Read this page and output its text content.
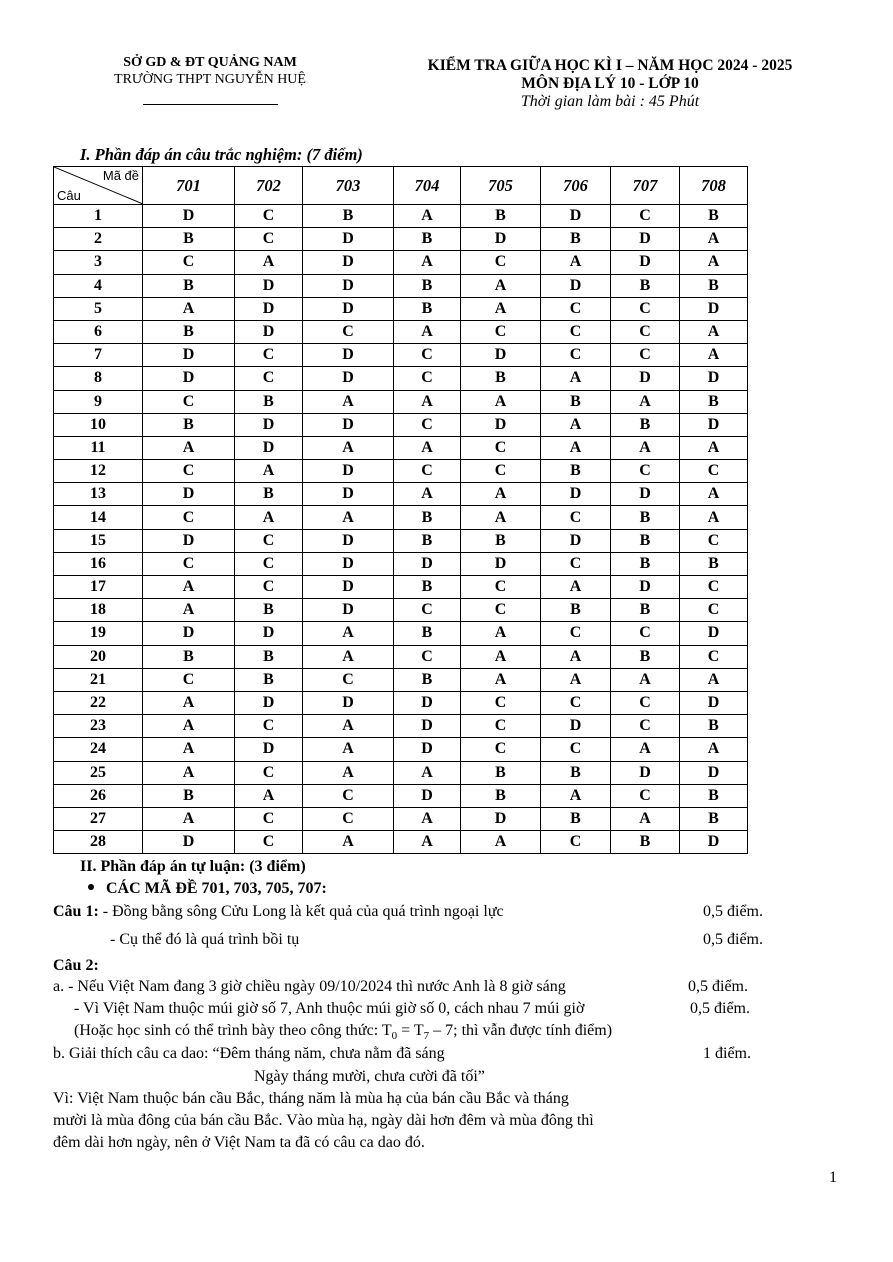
SỞ GD & ĐT QUẢNG NAM
TRƯỜNG THPT NGUYỄN HUỆ
KIỂM TRA GIỮA HỌC KÌ I – NĂM HỌC 2024 - 2025
MÔN ĐỊA LÝ 10 - LỚP 10
Thời gian làm bài : 45 Phút
I. Phần đáp án câu trắc nghiệm: (7 điểm)
Mã đề
Câu	701	702	703	704	705	706	707	708
1	D	C	B	A	B	D	C	B
2	B	C	D	B	D	B	D	A
3	C	A	D	A	C	A	D	A
4	B	D	D	B	A	D	B	B
5	A	D	D	B	A	C	C	D
6	B	D	C	A	C	C	C	A
7	D	C	D	C	D	C	C	A
8	D	C	D	C	B	A	D	D
9	C	B	A	A	A	B	A	B
10	B	D	D	C	D	A	B	D
11	A	D	A	A	C	A	A	A
12	C	A	D	C	C	B	C	C
13	D	B	D	A	A	D	D	A
14	C	A	A	B	A	C	B	A
15	D	C	D	B	B	D	B	C
16	C	C	D	D	D	C	B	B
17	A	C	D	B	C	A	D	C
18	A	B	D	C	C	B	B	C
19	D	D	A	B	A	C	C	D
20	B	B	A	C	A	A	B	C
21	C	B	C	B	A	A	A	A
22	A	D	D	D	C	C	C	D
23	A	C	A	D	C	D	C	B
24	A	D	A	D	C	C	A	A
25	A	C	A	A	B	B	D	D
26	B	A	C	D	B	A	C	B
27	A	C	C	A	D	B	A	B
28	D	C	A	A	A	C	B	D
II. Phần đáp án tự luận: (3 điểm)
CÁC MÃ ĐỀ 701, 703, 705, 707:
Câu 1: - Đồng bằng sông Cửu Long là kết quả của quá trình ngoại lực	0,5 điểm.
- Cụ thể đó là quá trình bồi tụ	0,5 điểm.
Câu 2:
a. - Nếu Việt Nam đang 3 giờ chiều ngày 09/10/2024 thì nước Anh là 8 giờ sáng	0,5 điểm.
- Vì Việt Nam thuộc múi giờ số 7, Anh thuộc múi giờ số 0, cách nhau 7 múi giờ	0,5 điểm.
(Hoặc học sinh có thể trình bày theo công thức: $T_0 = T_7 - 7$; thì vẫn được tính điểm)
b. Giải thích câu ca dao: “Đêm tháng năm, chưa nằm đã sáng	1 điểm.
Ngày tháng mười, chưa cười đã tối”
Vì: Việt Nam thuộc bán cầu Bắc, tháng năm là mùa hạ của bán cầu Bắc và tháng
mười là mùa đông của bán cầu Bắc. Vào mùa hạ, ngày dài hơn đêm và mùa đông thì
đêm dài hơn ngày, nên ở Việt Nam ta đã có câu ca dao đó.
1
